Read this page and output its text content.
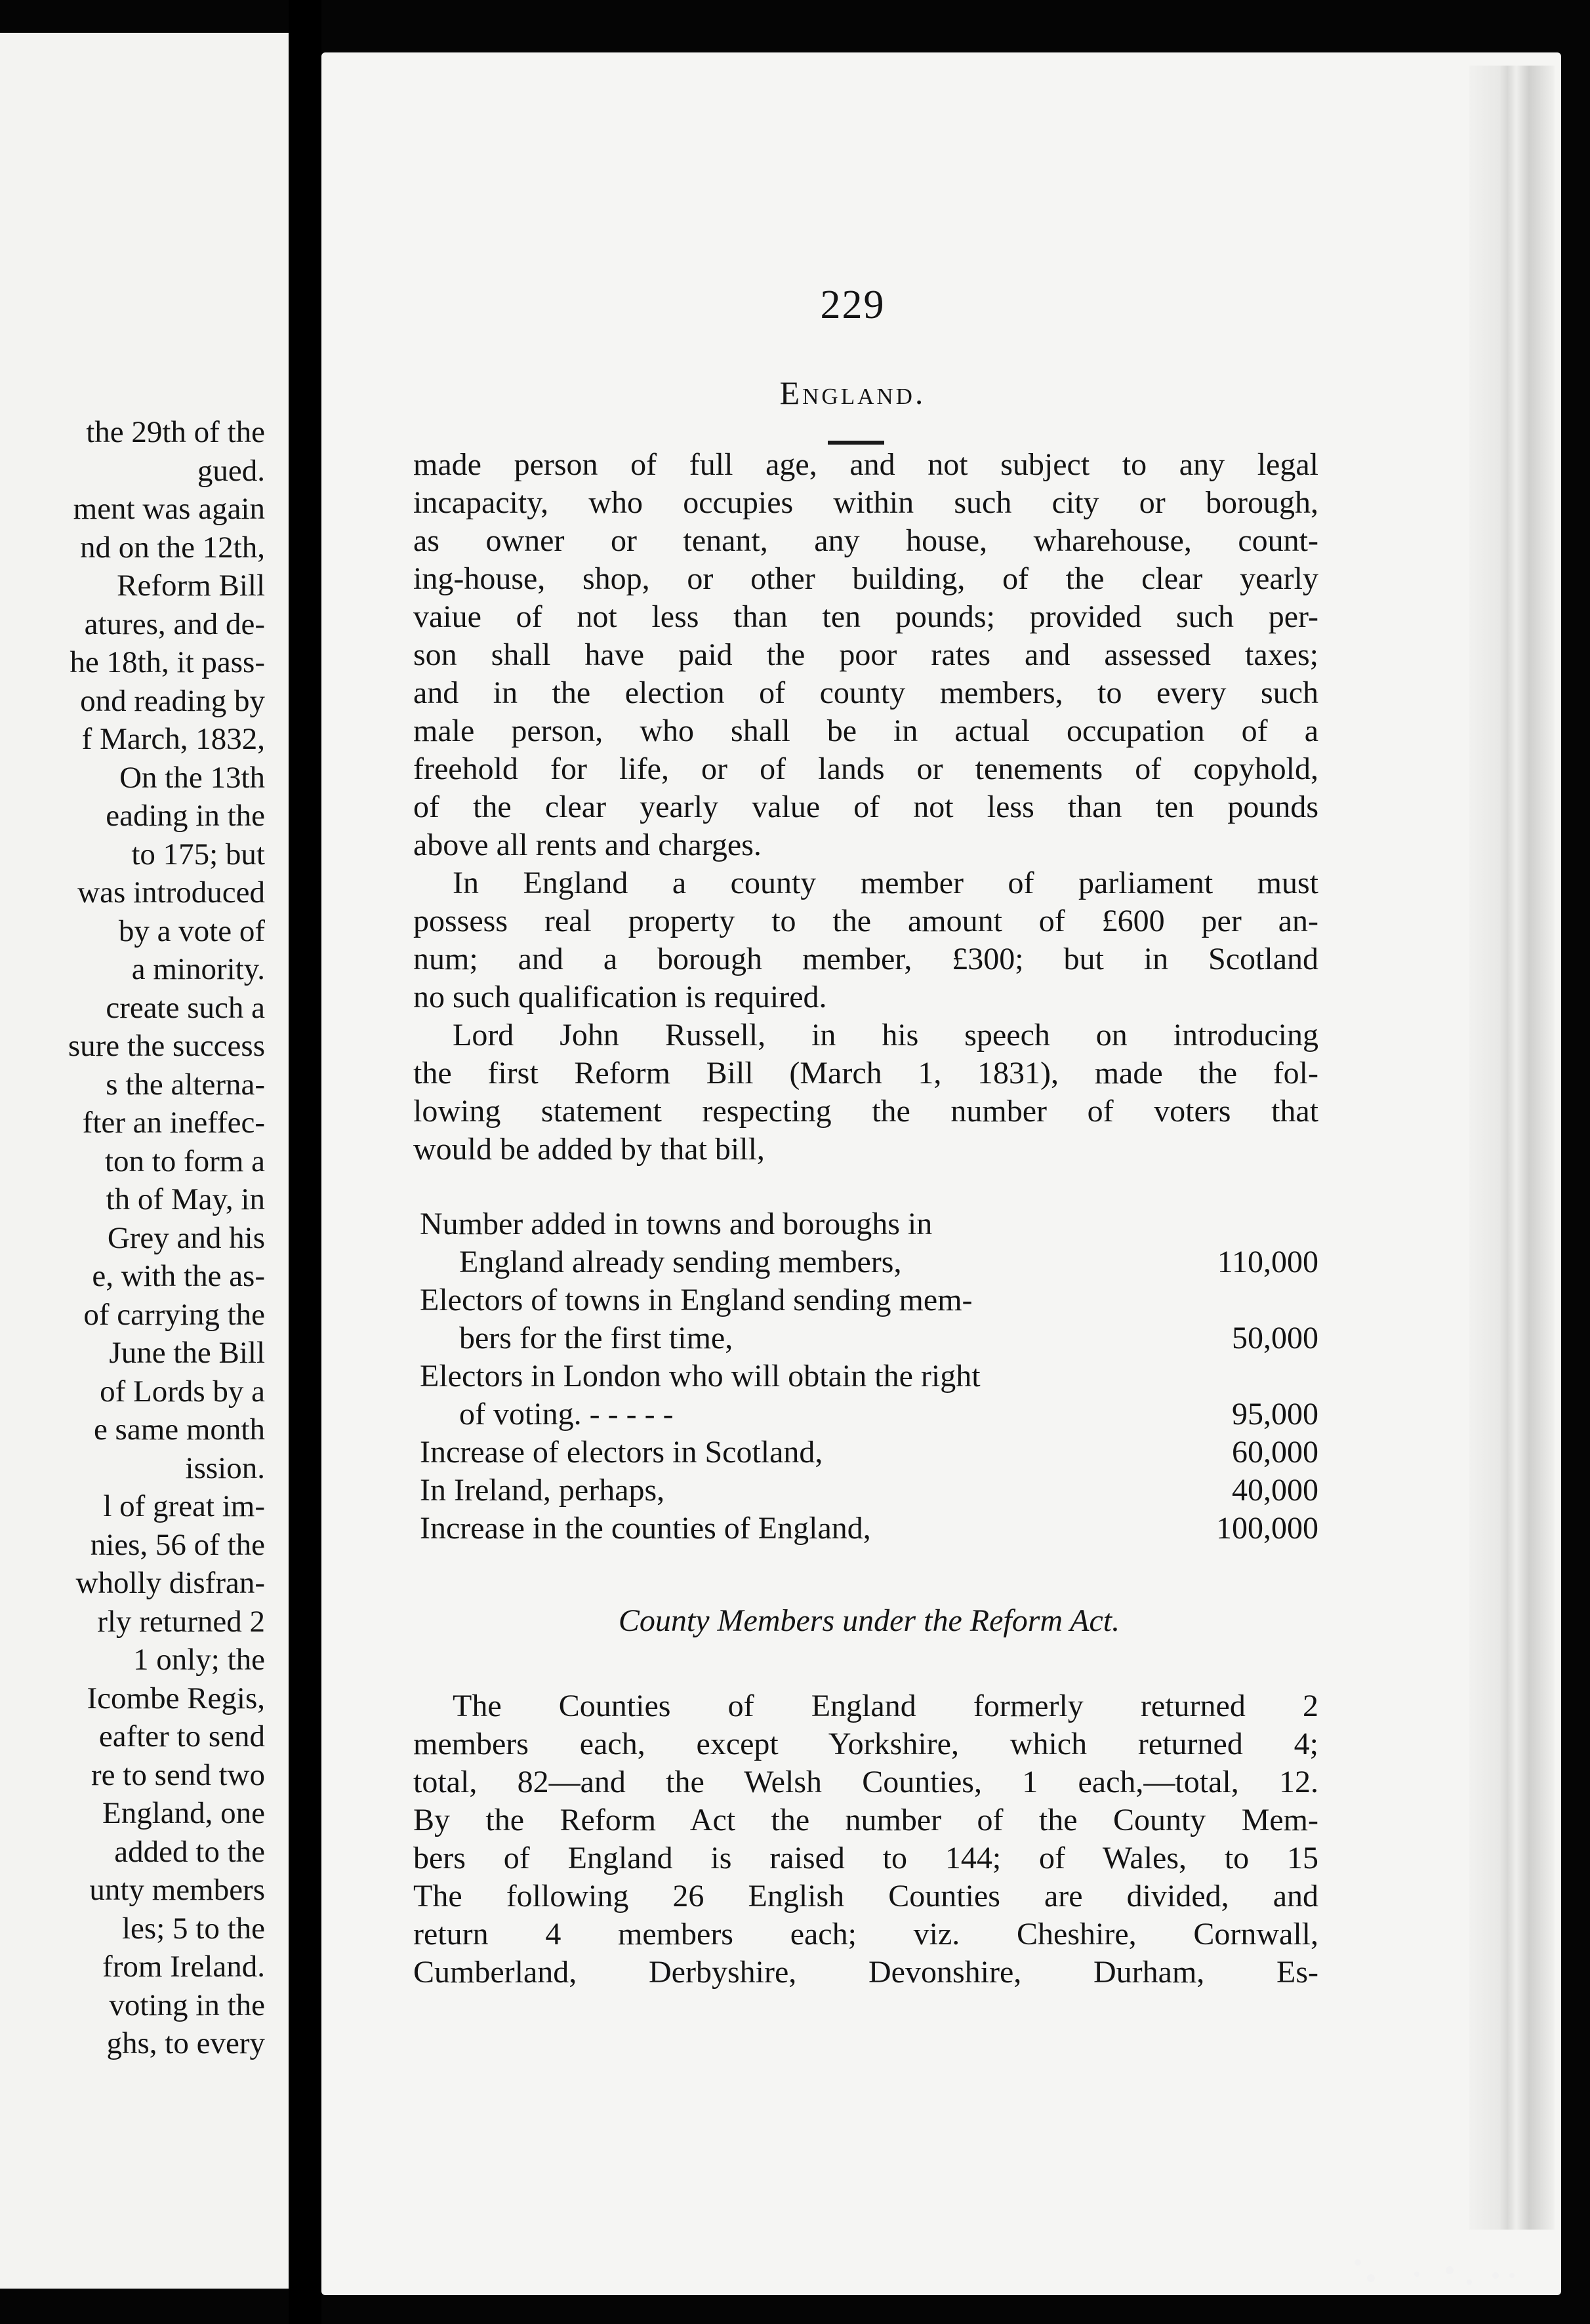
the 29th of the
gued.
ment was again
nd on the 12th,
Reform Bill
atures, and de-
he 18th, it pass-
ond reading by
f March, 1832,
On the 13th
eading in the
to 175; but
was introduced
by a vote of
a minority.
create such a
sure the success
s the alterna-
fter an ineffec-
ton to form a
th of May, in
Grey and his
e, with the as-
of carrying the
June the Bill
of Lords by a
e same month
ission.
l of great im-
nies, 56 of the
wholly disfran-
rly returned 2
1 only; the
Icombe Regis,
eafter to send
re to send two
England, one
added to the
unty members
les; 5 to the
from Ireland.
voting in the
ghs, to every
229
England.
made person of full age, and not subject to any legal
incapacity, who occupies within such city or borough,
as owner or tenant, any house, wharehouse, count-
ing-house, shop, or other building, of the clear yearly
vaiue of not less than ten pounds; provided such per-
son shall have paid the poor rates and assessed taxes;
and in the election of county members, to every such
male person, who shall be in actual occupation of a
freehold for life, or of lands or tenements of copyhold,
of the clear yearly value of not less than ten pounds
above all rents and charges.
In England a county member of parliament must
possess real property to the amount of £600 per an-
num; and a borough member, £300; but in Scotland
no such qualification is required.
Lord John Russell, in his speech on introducing
the first Reform Bill (March 1, 1831), made the fol-
lowing statement respecting the number of voters that
would be added by that bill,
Number added in towns and boroughs in
England already sending members,	110,000
Electors of towns in England sending mem-
bers for the first time,	50,000
Electors in London who will obtain the right
of voting. - - - - -	95,000
Increase of electors in Scotland,	60,000
In Ireland, perhaps,	40,000
Increase in the counties of England,	100,000
County Members under the Reform Act.
The Counties of England formerly returned 2
members each, except Yorkshire, which returned 4;
total, 82—and the Welsh Counties, 1 each,—total, 12.
By the Reform Act the number of the County Mem-
bers of England is raised to 144; of Wales, to 15
The following 26 English Counties are divided, and
return 4 members each; viz. Cheshire, Cornwall,
Cumberland, Derbyshire, Devonshire, Durham, Es-
